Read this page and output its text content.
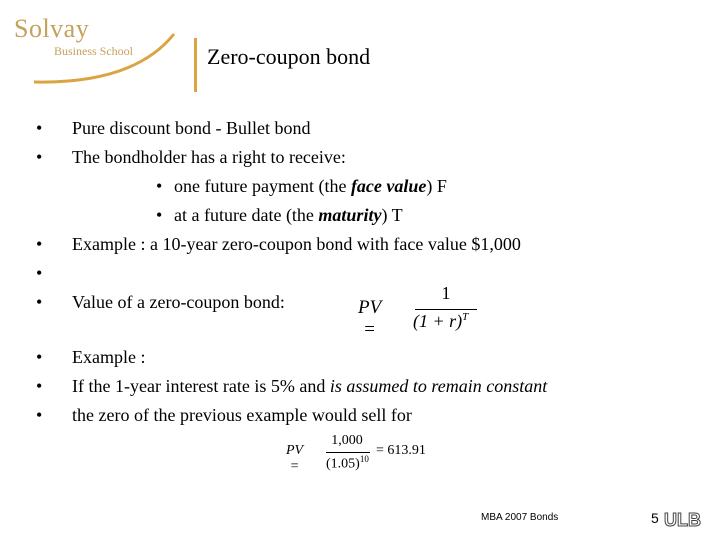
Solvay
Business School	Zero-coupon bond
• Pure discount bond - Bullet bond
• The bondholder has a right to receive:
• one future payment (the face value) F
• at a future date (the maturity) T
• Example : a 10-year zero-coupon bond with face value $1,000
•
• Value of a zero-coupon bond:
• Example :
• If the 1-year interest rate is 5% and is assumed to remain constant
• the zero of the previous example would sell for
PV =
1
$(1 + r)^T$
PV =
1,000
$(1.05)^{10}$
= 613.91
MBA 2007 Bonds	5 ULB
